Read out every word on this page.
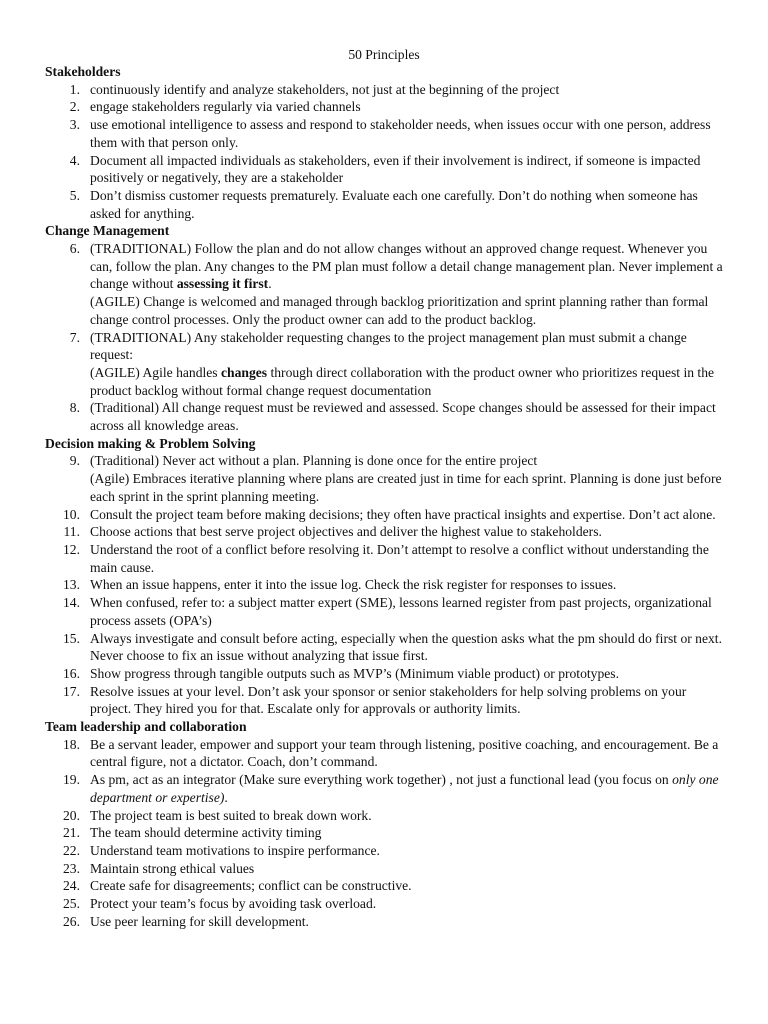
50 Principles
Stakeholders
1. continuously identify and analyze stakeholders, not just at the beginning of the project
2. engage stakeholders regularly via varied channels
3. use emotional intelligence to assess and respond to stakeholder needs, when issues occur with one person, address them with that person only.
4. Document all impacted individuals as stakeholders, even if their involvement is indirect, if someone is impacted positively or negatively, they are a stakeholder
5. Don’t dismiss customer requests prematurely. Evaluate each one carefully. Don’t do nothing when someone has asked for anything.
Change Management
6. (TRADITIONAL) Follow the plan and do not allow changes without an approved change request. Whenever you can, follow the plan. Any changes to the PM plan must follow a detail change management plan. Never implement a change without assessing it first.
(AGILE) Change is welcomed and managed through backlog prioritization and sprint planning rather than formal change control processes. Only the product owner can add to the product backlog.
7. (TRADITIONAL) Any stakeholder requesting changes to the project management plan must submit a change request:
(AGILE) Agile handles changes through direct collaboration with the product owner who prioritizes request in the product backlog without formal change request documentation
8. (Traditional) All change request must be reviewed and assessed. Scope changes should be assessed for their impact across all knowledge areas.
Decision making & Problem Solving
9. (Traditional) Never act without a plan. Planning is done once for the entire project
(Agile) Embraces iterative planning where plans are created just in time for each sprint. Planning is done just before each sprint in the sprint planning meeting.
10. Consult the project team before making decisions; they often have practical insights and expertise. Don’t act alone.
11. Choose actions that best serve project objectives and deliver the highest value to stakeholders.
12. Understand the root of a conflict before resolving it. Don’t attempt to resolve a conflict without understanding the main cause.
13. When an issue happens, enter it into the issue log. Check the risk register for responses to issues.
14. When confused, refer to: a subject matter expert (SME), lessons learned register from past projects, organizational process assets (OPA’s)
15. Always investigate and consult before acting, especially when the question asks what the pm should do first or next. Never choose to fix an issue without analyzing that issue first.
16. Show progress through tangible outputs such as MVP’s (Minimum viable product) or prototypes.
17. Resolve issues at your level. Don’t ask your sponsor or senior stakeholders for help solving problems on your project. They hired you for that. Escalate only for approvals or authority limits.
Team leadership and collaboration
18. Be a servant leader, empower and support your team through listening, positive coaching, and encouragement. Be a central figure, not a dictator. Coach, don’t command.
19. As pm, act as an integrator (Make sure everything work together) , not just a functional lead (you focus on only one department or expertise).
20. The project team is best suited to break down work.
21. The team should determine activity timing
22. Understand team motivations to inspire performance.
23. Maintain strong ethical values
24. Create safe for disagreements; conflict can be constructive.
25. Protect your team’s focus by avoiding task overload.
26. Use peer learning for skill development.
